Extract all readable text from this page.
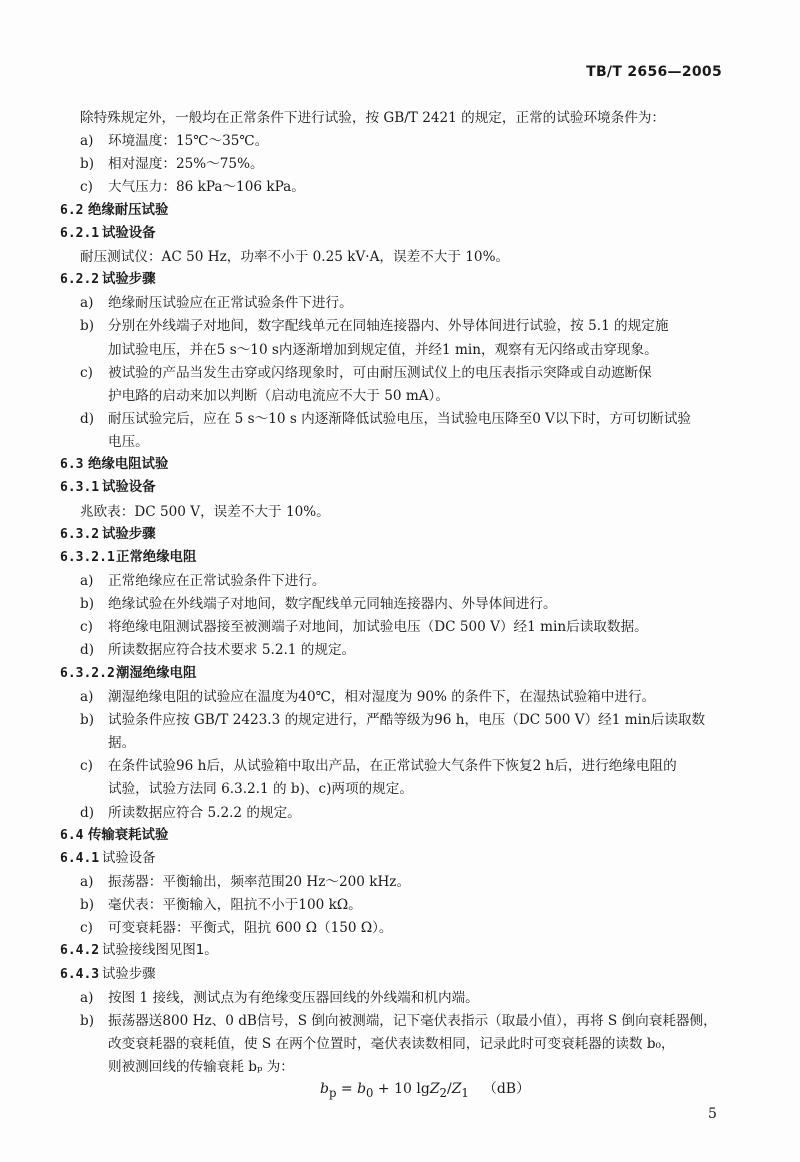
TB/T 2656—2005
除特殊规定外，一般均在正常条件下进行试验，按 GB/T 2421 的规定，正常的试验环境条件为：
a) 环境温度：15℃～35℃。
b) 相对湿度：25%～75%。
c) 大气压力：86 kPa～106 kPa。
6.2 绝缘耐压试验
6.2.1 试验设备
耐压测试仪：AC 50 Hz，功率不小于 0.25 kV·A，误差不大于 10%。
6.2.2 试验步骤
a) 绝缘耐压试验应在正常试验条件下进行。
b) 分别在外线端子对地间，数字配线单元在同轴连接器内、外导体间进行试验，按 5.1 的规定施
加试验电压，并在5 s～10 s内逐渐增加到规定值，并经1 min，观察有无闪络或击穿现象。
c) 被试验的产品当发生击穿或闪络现象时，可由耐压测试仪上的电压表指示突降或自动遮断保
护电路的启动来加以判断（启动电流应不大于 50 mA）。
d) 耐压试验完后，应在 5 s～10 s 内逐渐降低试验电压，当试验电压降至0 V以下时，方可切断试验
电压。
6.3 绝缘电阻试验
6.3.1 试验设备
兆欧表：DC 500 V，误差不大于 10%。
6.3.2 试验步骤
6.3.2.1 正常绝缘电阻
a) 正常绝缘应在正常试验条件下进行。
b) 绝缘试验在外线端子对地间，数字配线单元同轴连接器内、外导体间进行。
c) 将绝缘电阻测试器接至被测端子对地间，加试验电压（DC 500 V）经1 min后读取数据。
d) 所读数据应符合技术要求 5.2.1 的规定。
6.3.2.2 潮湿绝缘电阻
a) 潮湿绝缘电阻的试验应在温度为40℃，相对湿度为 90% 的条件下，在湿热试验箱中进行。
b) 试验条件应按 GB/T 2423.3 的规定进行，严酷等级为96 h，电压（DC 500 V）经1 min后读取数
据。
c) 在条件试验96 h后，从试验箱中取出产品，在正常试验大气条件下恢复2 h后，进行绝缘电阻的
试验，试验方法同 6.3.2.1 的 b)、c)两项的规定。
d) 所读数据应符合 5.2.2 的规定。
6.4 传输衰耗试验
6.4.1 试验设备
a) 振荡器：平衡输出，频率范围20 Hz～200 kHz。
b) 毫伏表：平衡输入，阻抗不小于100 kΩ。
c) 可变衰耗器：平衡式，阻抗 600 Ω（150 Ω）。
6.4.2 试验接线图见图1。
6.4.3 试验步骤
a) 按图 1 接线，测试点为有绝缘变压器回线的外线端和机内端。
b) 振荡器送800 Hz、0 dB信号，S 倒向被测端，记下毫伏表指示（取最小值），再将 S 倒向衰耗器侧，
改变衰耗器的衰耗值，使 S 在两个位置时，毫伏表读数相同，记录此时可变衰耗器的读数 b₀，
则被测回线的传输衰耗 bₚ 为：
$b_p = b_0 + 10$ $\lg Z_2/Z_1$ （dB）
5
